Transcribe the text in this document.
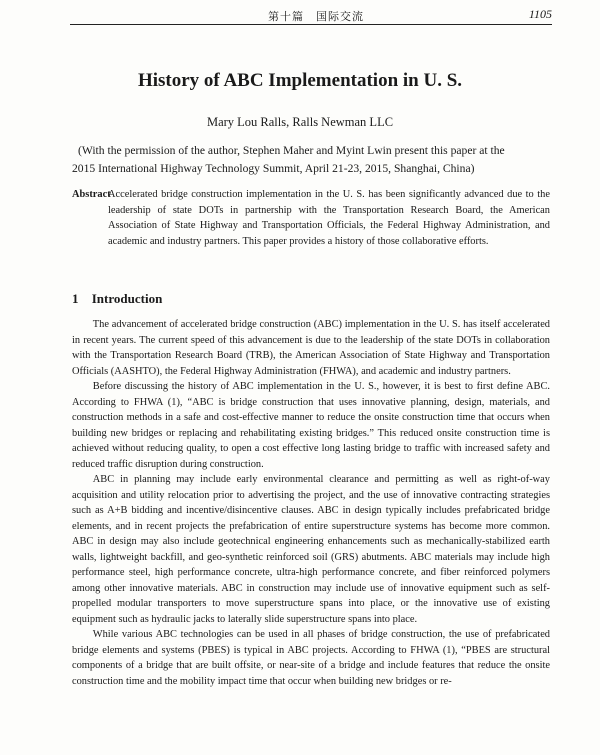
第十篇　国际交流	1105
History of ABC Implementation in U. S.
Mary Lou Ralls, Ralls Newman LLC
(With the permission of the author, Stephen Maher and Myint Lwin present this paper at the
2015 International Highway Technology Summit, April 21-23, 2015, Shanghai, China)
Abstract
Accelerated bridge construction implementation in the U. S. has been significantly advanced due to the leadership of state DOTs in partnership with the Transportation Research Board, the American Association of State Highway and Transportation Officials, the Federal Highway Administration, and academic and industry partners. This paper provides a history of those collaborative efforts.
1 Introduction

The advancement of accelerated bridge construction (ABC) implementation in the U. S. has itself accelerated in recent years. The current speed of this advancement is due to the leadership of the state DOTs in collaboration with the Transportation Research Board (TRB), the American Association of State Highway and Transportation Officials (AASHTO), the Federal Highway Administration (FHWA), and academic and industry partners.

Before discussing the history of ABC implementation in the U. S., however, it is best to first define ABC. According to FHWA (1), “ABC is bridge construction that uses innovative planning, design, materials, and construction methods in a safe and cost-effective manner to reduce the onsite construction time that occurs when building new bridges or replacing and rehabilitating existing bridges.” This reduced onsite construction time is achieved without reducing quality, to open a cost effective long lasting bridge to traffic with increased safety and reduced traffic disruption during construction.

ABC in planning may include early environmental clearance and permitting as well as right-of-way acquisition and utility relocation prior to advertising the project, and the use of innovative contracting strategies such as A+B bidding and incentive/disincentive clauses. ABC in design typically includes prefabricated bridge elements, and in recent projects the prefabrication of entire superstructure systems has become more common. ABC in design may also include geotechnical engineering enhancements such as mechanically-stabilized earth walls, lightweight backfill, and geo-synthetic reinforced soil (GRS) abutments. ABC materials may include high performance steel, high performance concrete, ultra-high performance concrete, and fiber reinforced polymers among other innovative materials. ABC in construction may include use of innovative equipment such as self-propelled modular transporters to move superstructure spans into place, or the innovative use of existing equipment such as hydraulic jacks to laterally slide superstructure spans into place.

While various ABC technologies can be used in all phases of bridge construction, the use of prefabricated bridge elements and systems (PBES) is typical in ABC projects. According to FHWA (1), “PBES are structural components of a bridge that are built offsite, or near-site of a bridge and include features that reduce the onsite construction time and the mobility impact time that occur when building new bridges or re-
